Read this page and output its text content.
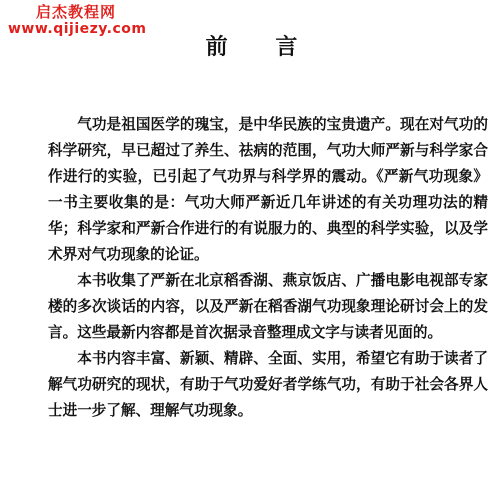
启杰教程网
www.qijiezy.com
前 言

气功是祖国医学的瑰宝，是中华民族的宝贵遗产。现在对气功的科学研究，早已超过了养生、祛病的范围，气功大师严新与科学家合作进行的实验，已引起了气功界与科学界的震动。《严新气功现象》一书主要收集的是：气功大师严新近几年讲述的有关功理功法的精华；科学家和严新合作进行的有说服力的、典型的科学实验，以及学术界对气功现象的论证。

本书收集了严新在北京稻香湖、燕京饭店、广播电影电视部专家楼的多次谈话的内容，以及严新在稻香湖气功现象理论研讨会上的发言。这些最新内容都是首次据录音整理成文字与读者见面的。

本书内容丰富、新颖、精辟、全面、实用，希望它有助于读者了解气功研究的现状，有助于气功爱好者学练气功，有助于社会各界人士进一步了解、理解气功现象。
